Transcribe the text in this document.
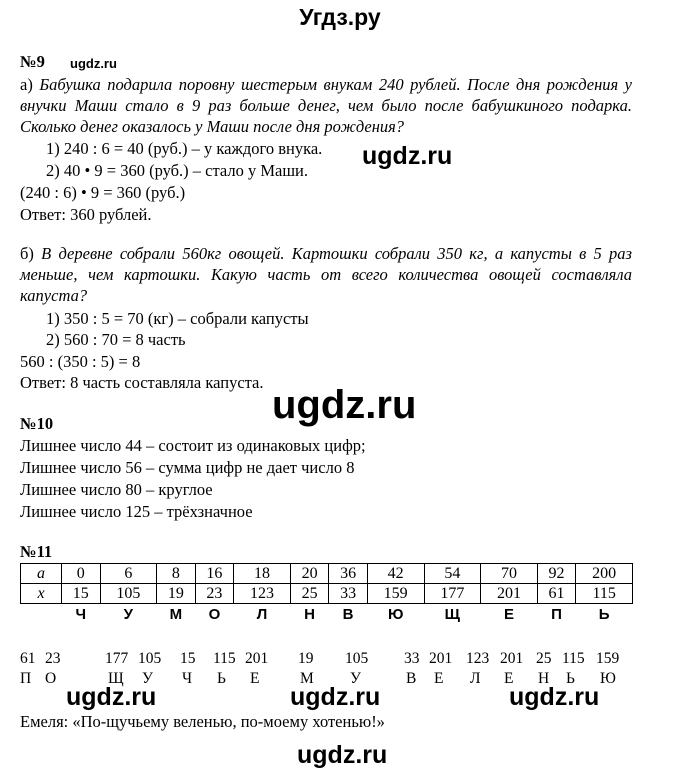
Угдз.ру
№9
а) Бабушка подарила поровну шестерым внукам 240 рублей. После дня рождения у внучки Маши стало в 9 раз больше денег, чем было после бабушкиного подарка. Сколько денег оказалось у Маши после дня рождения?
1) 240 : 6 = 40 (руб.) – у каждого внука.
2) 40 • 9 = 360 (руб.) – стало у Маши.
(240 : 6) • 9 = 360 (руб.)
Ответ: 360 рублей.
б) В деревне собрали 560кг овощей. Картошки собрали 350 кг, а капусты в 5 раз меньше, чем картошки. Какую часть от всего количества овощей составляла капуста?
1) 350 : 5 = 70 (кг) – собрали капусты
2) 560 : 70 = 8 часть
560 : (350 : 5) = 8
Ответ: 8 часть составляла капуста.
№10
Лишнее число 44 – состоит из одинаковых цифр;
Лишнее число 56 – сумма цифр не дает число 8
Лишнее число 80 – круглое
Лишнее число 125 – трёхзначное
№11
a	0	6	8	16	18	20	36	42	54	70	92	200
x	15	105	19	23	123	25	33	159	177	201	61	115
	Ч	У	М	О	Л	Н	В	Ю	Щ	Е	П	Ь
61 23	177 105 15 115 201 19 105 33 201 123 201 25 115 159
П О	Щ У Ч Ь Е	М У	В Е Л Е Н Ь Ю
Емеля: «По-щучьему веленью, по-моему хотенью!»
ugdz.ru
ugdz.ru
ugdz.ru
ugdz.ru	ugdz.ru	ugdz.ru
ugdz.ru
